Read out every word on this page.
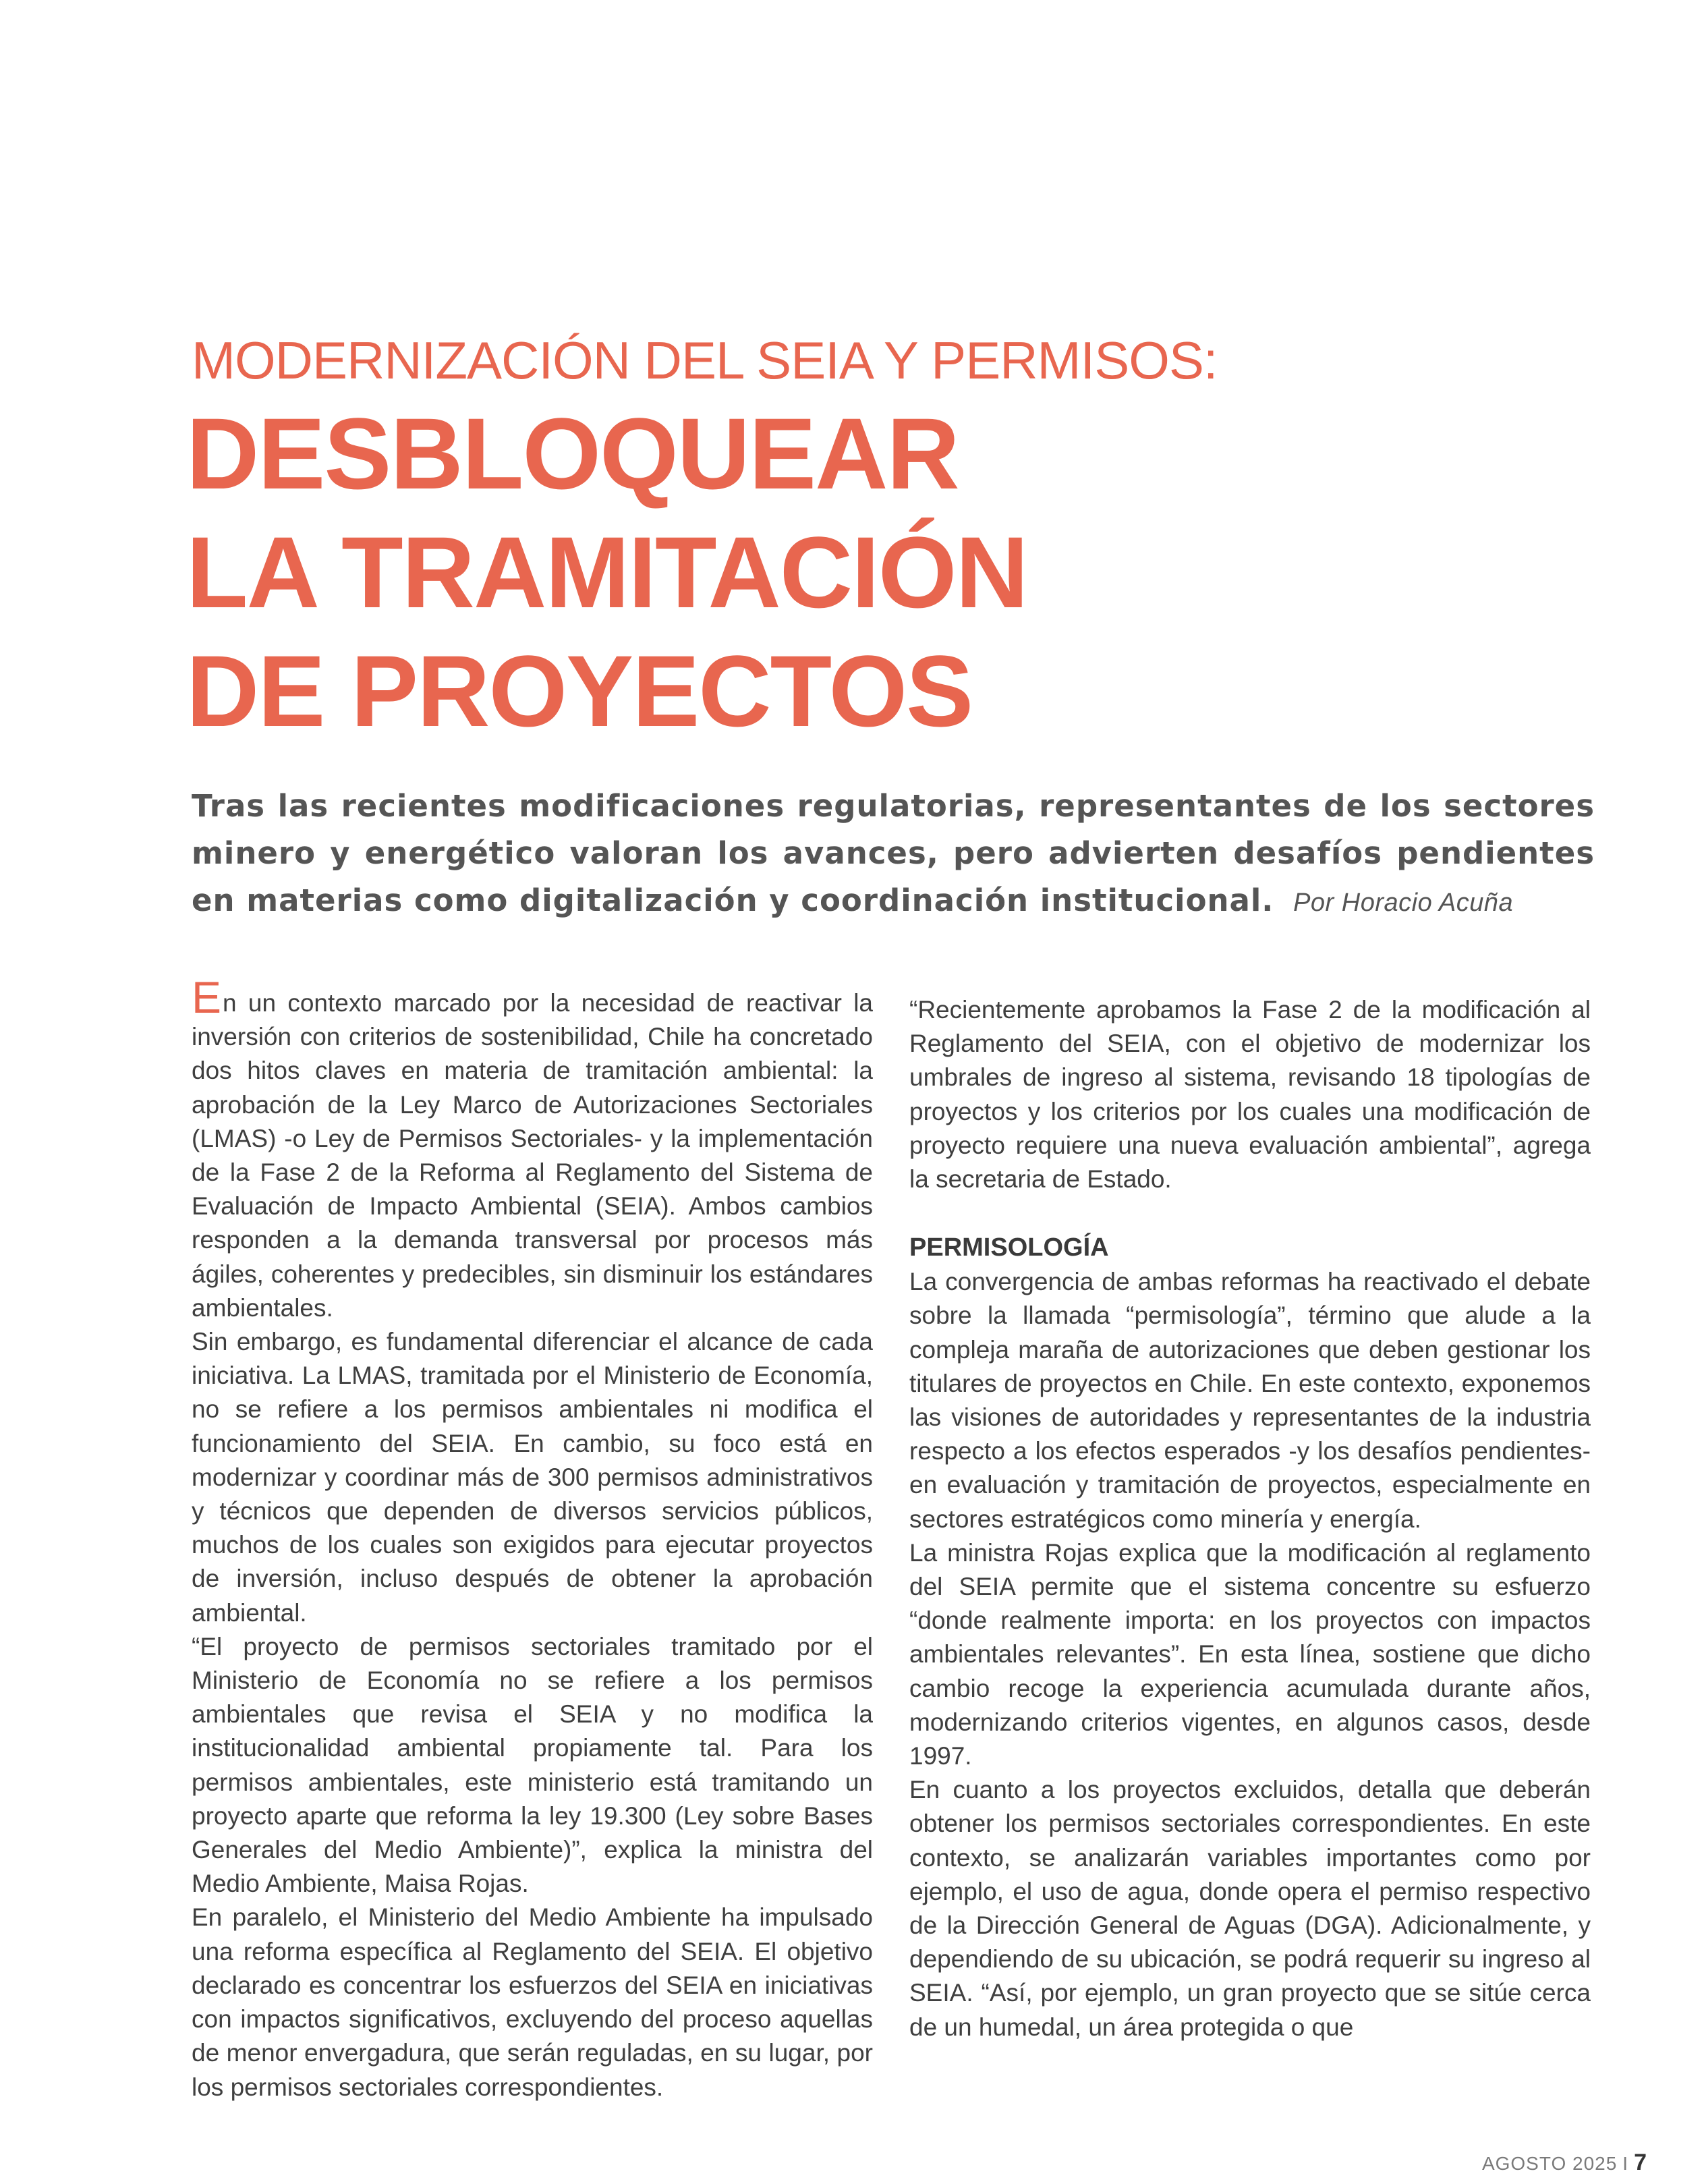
MODERNIZACIÓN DEL SEIA Y PERMISOS:
DESBLOQUEAR
LA TRAMITACIÓN
DE PROYECTOS
Tras las recientes modificaciones regulatorias, representantes de los sectores minero y energético valoran los avances, pero advierten desafíos pendientes en materias como digitalización y coordinación institucional. Por Horacio Acuña

En un contexto marcado por la necesidad de reactivar la inversión con criterios de sostenibilidad, Chile ha concretado dos hitos claves en materia de tramitación ambiental: la aprobación de la Ley Marco de Autorizaciones Sectoriales (LMAS) -o Ley de Permisos Sectoriales- y la implementación de la Fase 2 de la Reforma al Reglamento del Sistema de Evaluación de Impacto Ambiental (SEIA). Ambos cambios responden a la demanda transversal por procesos más ágiles, coherentes y predecibles, sin disminuir los estándares ambientales.

Sin embargo, es fundamental diferenciar el alcance de cada iniciativa. La LMAS, tramitada por el Ministerio de Economía, no se refiere a los permisos ambientales ni modifica el funcionamiento del SEIA. En cambio, su foco está en modernizar y coordinar más de 300 permisos administrativos y técnicos que dependen de diversos servicios públicos, muchos de los cuales son exigidos para ejecutar proyectos de inversión, incluso después de obtener la aprobación ambiental.

“El proyecto de permisos sectoriales tramitado por el Ministerio de Economía no se refiere a los permisos ambientales que revisa el SEIA y no modifica la institucionalidad ambiental propiamente tal. Para los permisos ambientales, este ministerio está tramitando un proyecto aparte que reforma la ley 19.300 (Ley sobre Bases Generales del Medio Ambiente)”, explica la ministra del Medio Ambiente, Maisa Rojas.

En paralelo, el Ministerio del Medio Ambiente ha impulsado una reforma específica al Reglamento del SEIA. El objetivo declarado es concentrar los esfuerzos del SEIA en iniciativas con impactos significativos, excluyendo del proceso aquellas de menor envergadura, que serán reguladas, en su lugar, por los permisos sectoriales correspondientes.

“Recientemente aprobamos la Fase 2 de la modificación al Reglamento del SEIA, con el objetivo de modernizar los umbrales de ingreso al sistema, revisando 18 tipologías de proyectos y los criterios por los cuales una modificación de proyecto requiere una nueva evaluación ambiental”, agrega la secretaria de Estado.

PERMISOLOGÍA

La convergencia de ambas reformas ha reactivado el debate sobre la llamada “permisología”, término que alude a la compleja maraña de autorizaciones que deben gestionar los titulares de proyectos en Chile. En este contexto, exponemos las visiones de autoridades y representantes de la industria respecto a los efectos esperados -y los desafíos pendientes- en evaluación y tramitación de proyectos, especialmente en sectores estratégicos como minería y energía.

La ministra Rojas explica que la modificación al reglamento del SEIA permite que el sistema concentre su esfuerzo “donde realmente importa: en los proyectos con impactos ambientales relevantes”. En esta línea, sostiene que dicho cambio recoge la experiencia acumulada durante años, modernizando criterios vigentes, en algunos casos, desde 1997.

En cuanto a los proyectos excluidos, detalla que deberán obtener los permisos sectoriales correspondientes. En este contexto, se analizarán variables importantes como por ejemplo, el uso de agua, donde opera el permiso respectivo de la Dirección General de Aguas (DGA). Adicionalmente, y dependiendo de su ubicación, se podrá requerir su ingreso al SEIA. “Así, por ejemplo, un gran proyecto que se sitúe cerca de un humedal, un área protegida o que

AGOSTO 2025 I 7
